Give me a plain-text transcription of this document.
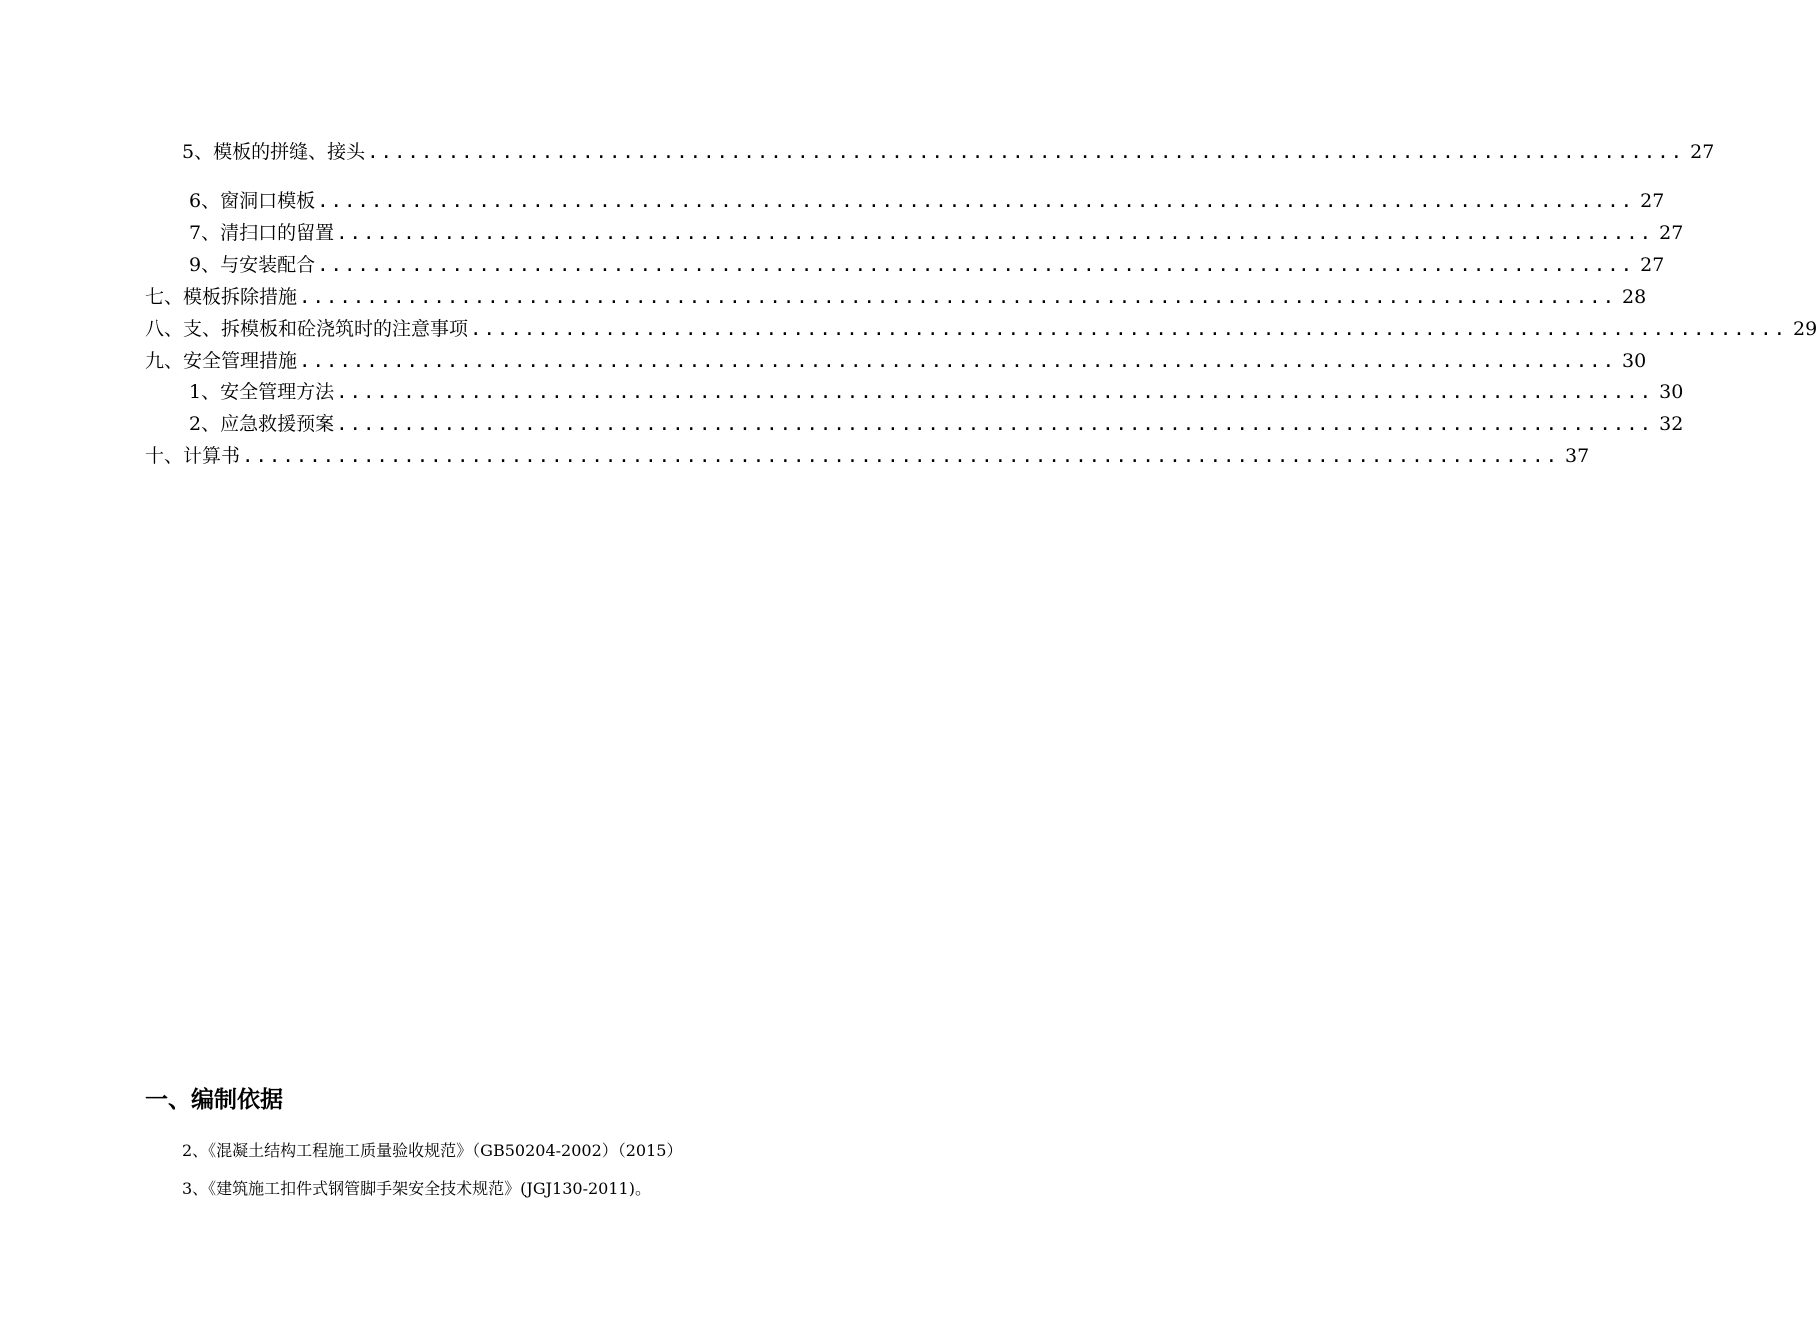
5、模板的拼缝、接头 .................................................................................................. 27
6、窗洞口模板 .................................................................................................. 27
7、清扫口的留置 .................................................................................................. 27
9、与安装配合 .................................................................................................. 27
七、模板拆除措施 .................................................................................................. 28
八、支、拆模板和砼浇筑时的注意事项 .................................................................................................. 29
九、安全管理措施 .................................................................................................. 30
1、安全管理方法 .................................................................................................. 30
2、应急救援预案 .................................................................................................. 32
十、计算书 .................................................................................................. 37
一、编制依据
2、《混凝土结构工程施工质量验收规范》（GB50204-2002）（2015）
3、《建筑施工扣件式钢管脚手架安全技术规范》(JGJ130-2011)。
